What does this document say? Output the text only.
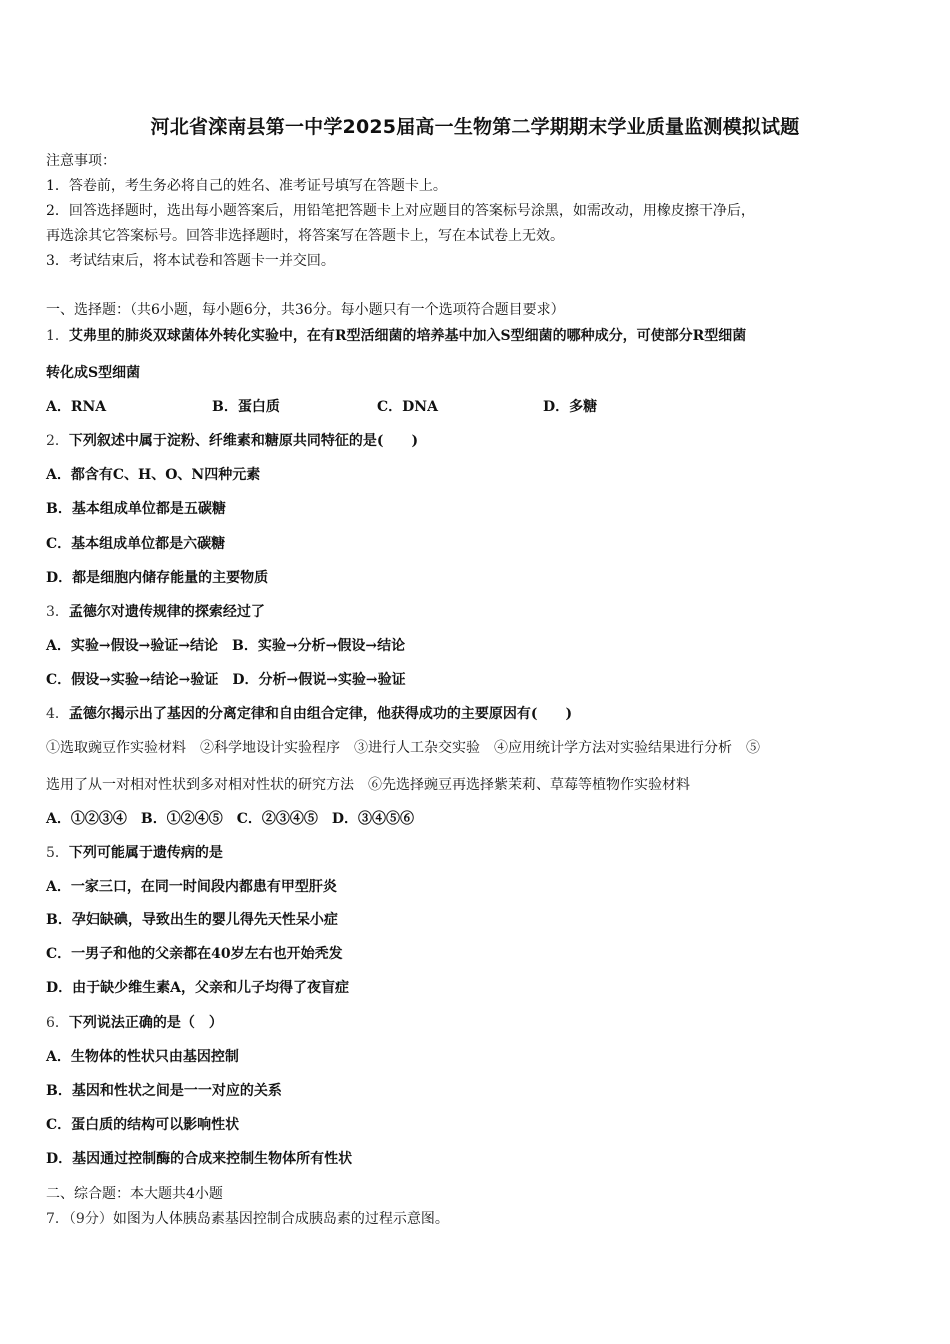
河北省滦南县第一中学2025届高一生物第二学期期末学业质量监测模拟试题
注意事项：
1．答卷前，考生务必将自己的姓名、准考证号填写在答题卡上。
2．回答选择题时，选出每小题答案后，用铅笔把答题卡上对应题目的答案标号涂黑，如需改动，用橡皮擦干净后，
再选涂其它答案标号。回答非选择题时，将答案写在答题卡上，写在本试卷上无效。
3．考试结束后，将本试卷和答题卡一并交回。
一、选择题：（共6小题，每小题6分，共36分。每小题只有一个选项符合题目要求）
1．艾弗里的肺炎双球菌体外转化实验中，在有R型活细菌的培养基中加入S型细菌的哪种成分，可使部分R型细菌
转化成S型细菌
A．RNA	B．蛋白质	C．DNA	D．多糖
2．下列叙述中属于淀粉、纤维素和糖原共同特征的是(　　)
A．都含有C、H、O、N四种元素
B．基本组成单位都是五碳糖
C．基本组成单位都是六碳糖
D．都是细胞内储存能量的主要物质
3．孟德尔对遗传规律的探索经过了
A．实验→假设→验证→结论　B．实验→分析→假设→结论
C．假设→实验→结论→验证　D．分析→假说→实验→验证
4．孟德尔揭示出了基因的分离定律和自由组合定律，他获得成功的主要原因有(　　)
①选取豌豆作实验材料　②科学地设计实验程序　③进行人工杂交实验　④应用统计学方法对实验结果进行分析　⑤
选用了从一对相对性状到多对相对性状的研究方法　⑥先选择豌豆再选择紫茉莉、草莓等植物作实验材料
A．①②③④　B．①②④⑤　C．②③④⑤　D．③④⑤⑥
5．下列可能属于遗传病的是
A．一家三口，在同一时间段内都患有甲型肝炎
B．孕妇缺碘，导致出生的婴儿得先天性呆小症
C．一男子和他的父亲都在40岁左右也开始秃发
D．由于缺少维生素A，父亲和儿子均得了夜盲症
6．下列说法正确的是（　）
A．生物体的性状只由基因控制
B．基因和性状之间是一一对应的关系
C．蛋白质的结构可以影响性状
D．基因通过控制酶的合成来控制生物体所有性状
二、综合题：本大题共4小题
7．（9分）如图为人体胰岛素基因控制合成胰岛素的过程示意图。
